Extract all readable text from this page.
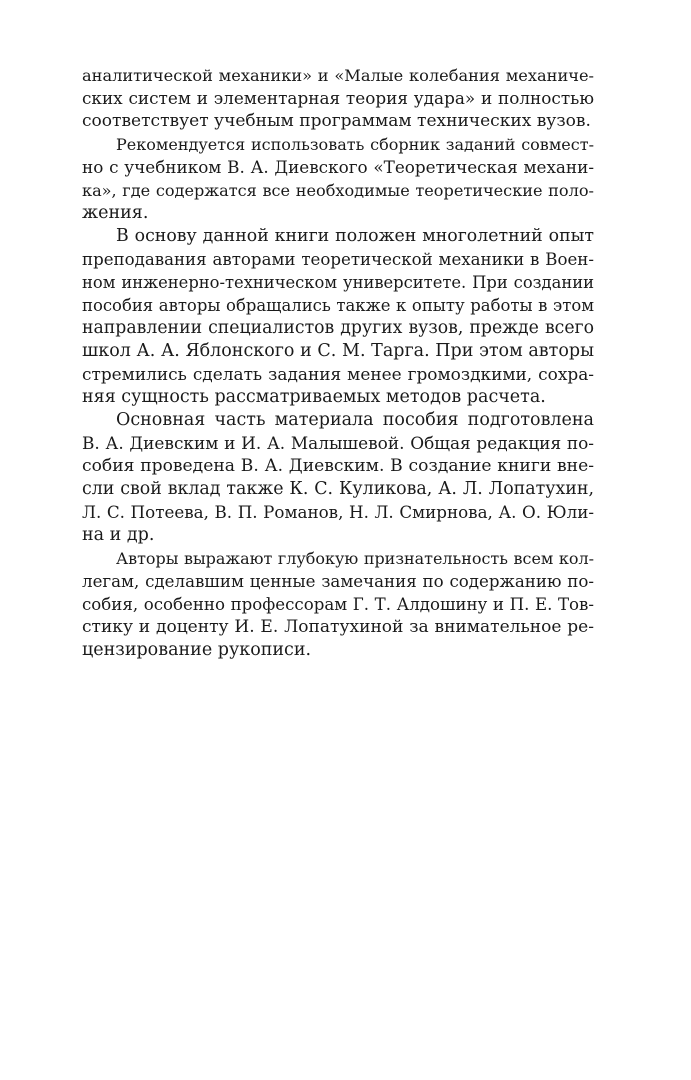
аналитической механики» и «Малые колебания механиче-
ских систем и элементарная теория удара» и полностью
соответствует учебным программам технических вузов.

Рекомендуется использовать сборник заданий совмест-
но с учебником В. А. Диевского «Теоретическая механи-
ка», где содержатся все необходимые теоретические поло-
жения.

В основу данной книги положен многолетний опыт
преподавания авторами теоретической механики в Воен-
ном инженерно-техническом университете. При создании
пособия авторы обращались также к опыту работы в этом
направлении специалистов других вузов, прежде всего
школ А. А. Яблонского и С. М. Тарга. При этом авторы
стремились сделать задания менее громоздкими, сохра-
няя сущность рассматриваемых методов расчета.

Основная часть материала пособия подготовлена
В. А. Диевским и И. А. Малышевой. Общая редакция по-
собия проведена В. А. Диевским. В создание книги вне-
сли свой вклад также К. С. Куликова, А. Л. Лопатухин,
Л. С. Потеева, В. П. Романов, Н. Л. Смирнова, А. О. Юли-
на и др.

Авторы выражают глубокую признательность всем кол-
легам, сделавшим ценные замечания по содержанию по-
собия, особенно профессорам Г. Т. Алдошину и П. Е. Тов-
стику и доценту И. Е. Лопатухиной за внимательное ре-
цензирование рукописи.
